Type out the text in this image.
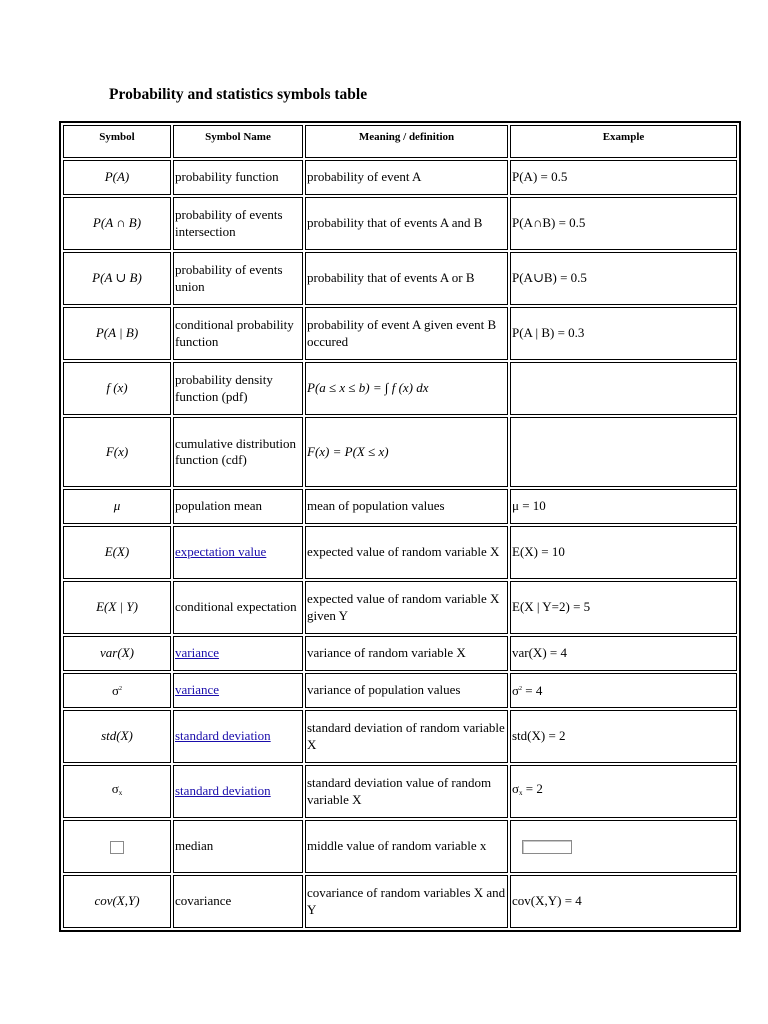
Probability and statistics symbols table
Symbol	Symbol Name	Meaning / definition	Example
P(A)	probability function	probability of event A	P(A) = 0.5
P(A ∩ B)	probability of events intersection	probability that of events A and B	P(A∩B) = 0.5
P(A ∪ B)	probability of events union	probability that of events A or B	P(A∪B) = 0.5
P(A | B)	conditional probability function	probability of event A given event B occured	P(A | B) = 0.3
f (x)	probability density function (pdf)	P(a ≤ x ≤ b) = ∫ f (x) dx	
F(x)	cumulative distribution function (cdf)	F(x) = P(X ≤ x)	
μ	population mean	mean of population values	μ = 10
E(X)	expectation value	expected value of random variable X	E(X) = 10
E(X | Y)	conditional expectation	expected value of random variable X given Y	E(X | Y=2) = 5
var(X)	variance	variance of random variable X	var(X) = 4
$\sigma^2$	variance	variance of population values	$\sigma^2 = 4$
std(X)	standard deviation	standard deviation of random variable X	std(X) = 2
$\sigma_x$	standard deviation	standard deviation value of random variable X	$\sigma_x = 2$
	median	middle value of random variable x	
cov(X,Y)	covariance	covariance of random variables X and Y	cov(X,Y) = 4
